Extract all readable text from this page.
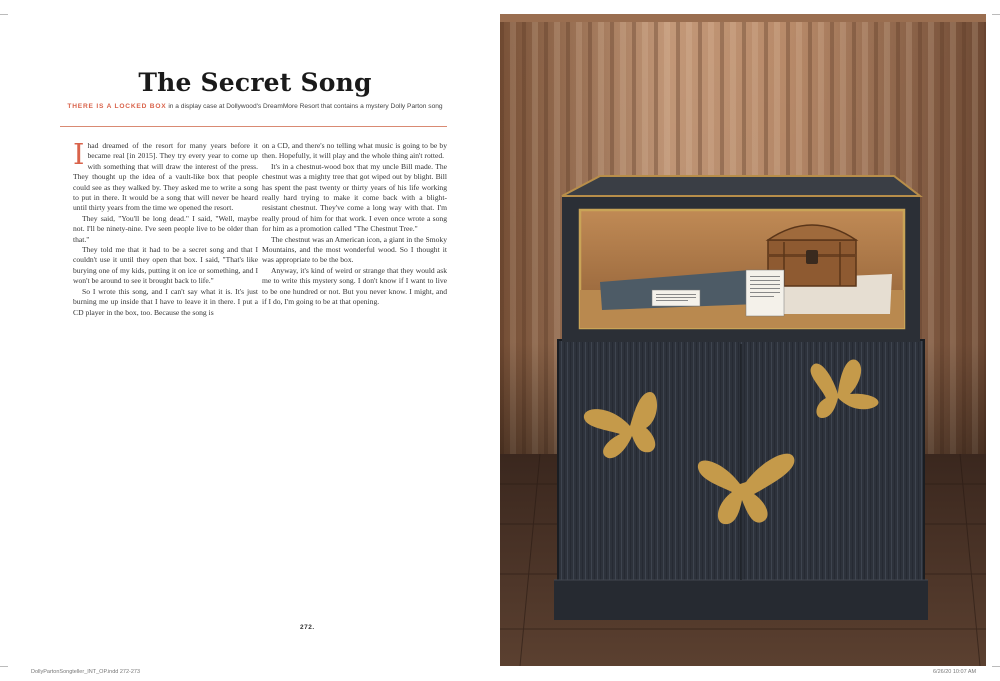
The Secret Song
THERE IS A LOCKED BOX in a display case at Dollywood's DreamMore Resort that contains a mystery Dolly Parton song

Ihad dreamed of the resort for many years before it became real [in 2015]. They try every year to come up with something that will draw the interest of the press. They thought up the idea of a vault-like box that people could see as they walked by. They asked me to write a song to put in there. It would be a song that will never be heard until thirty years from the time we opened the resort.

They said, "You'll be long dead." I said, "Well, maybe not. I'll be ninety-nine. I've seen people live to be older than that."

They told me that it had to be a secret song and that I couldn't use it until they open that box. I said, "That's like burying one of my kids, putting it on ice or something, and I won't be around to see it brought back to life."

So I wrote this song, and I can't say what it is. It's just burning me up inside that I have to leave it in there. I put a CD player in the box, too. Because the song is

on a CD, and there's no telling what music is going to be by then. Hopefully, it will play and the whole thing ain't rotted.

It's in a chestnut-wood box that my uncle Bill made. The chestnut was a mighty tree that got wiped out by blight. Bill has spent the past twenty or thirty years of his life working really hard trying to make it come back with a blight-resistant chestnut. They've come a long way with that. I'm really proud of him for that work. I even once wrote a song for him as a promotion called "The Chestnut Tree."

The chestnut was an American icon, a giant in the Smoky Mountains, and the most wonderful wood. So I thought it was appropriate to be the box.

Anyway, it's kind of weird or strange that they would ask me to write this mystery song. I don't know if I want to live to be one hundred or not. But you never know. I might, and if I do, I'm going to be at that opening.

272.
DollyPartonSongteller_INT_OP.indd 272-273	6/26/20 10:07 AM
